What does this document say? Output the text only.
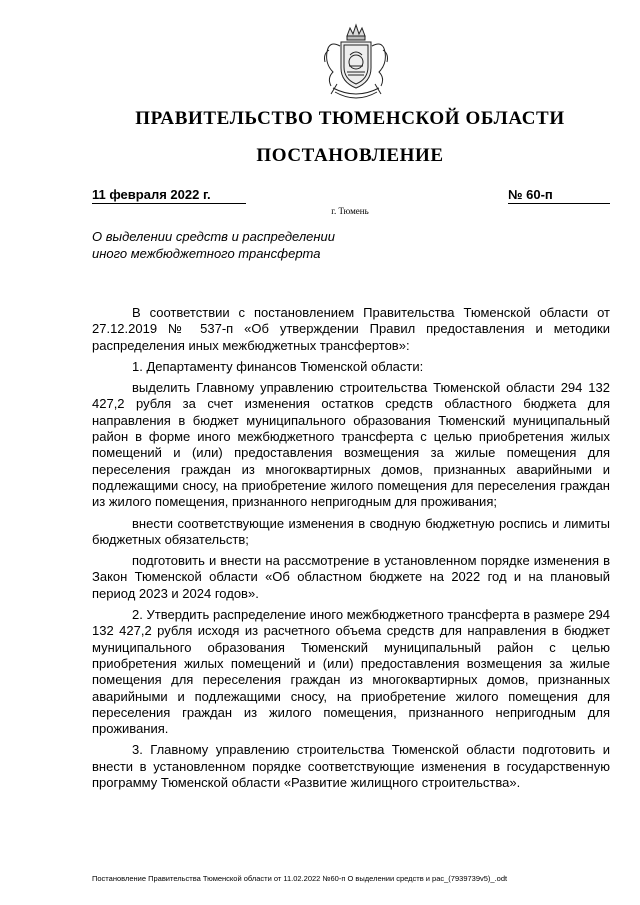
ПРАВИТЕЛЬСТВО ТЮМЕНСКОЙ ОБЛАСТИ
ПОСТАНОВЛЕНИЕ
11 февраля 2022 г.	№ 60-п
г. Тюмень
О выделении средств и распределении
иного межбюджетного трансферта

В соответствии с постановлением Правительства Тюменской области от 27.12.2019 № 537-п «Об утверждении Правил предоставления и методики распределения иных межбюджетных трансфертов»:

1. Департаменту финансов Тюменской области:

выделить Главному управлению строительства Тюменской области 294 132 427,2 рубля за счет изменения остатков средств областного бюджета для направления в бюджет муниципального образования Тюменский муниципальный район в форме иного межбюджетного трансферта с целью приобретения жилых помещений и (или) предоставления возмещения за жилые помещения для переселения граждан из многоквартирных домов, признанных аварийными и подлежащими сносу, на приобретение жилого помещения для переселения граждан из жилого помещения, признанного непригодным для проживания;

внести соответствующие изменения в сводную бюджетную роспись и лимиты бюджетных обязательств;

подготовить и внести на рассмотрение в установленном порядке изменения в Закон Тюменской области «Об областном бюджете на 2022 год и на плановый период 2023 и 2024 годов».

2. Утвердить распределение иного межбюджетного трансферта в размере 294 132 427,2 рубля исходя из расчетного объема средств для направления в бюджет муниципального образования Тюменский муниципальный район с целью приобретения жилых помещений и (или) предоставления возмещения за жилые помещения для переселения граждан из многоквартирных домов, признанных аварийными и подлежащими сносу, на приобретение жилого помещения для переселения граждан из жилого помещения, признанного непригодным для проживания.

3. Главному управлению строительства Тюменской области подготовить и внести в установленном порядке соответствующие изменения в государственную программу Тюменской области «Развитие жилищного строительства».

Постановление Правительства Тюменской области от 11.02.2022 №60-п О выделении средств и рас_(7939739v5)_.odt
